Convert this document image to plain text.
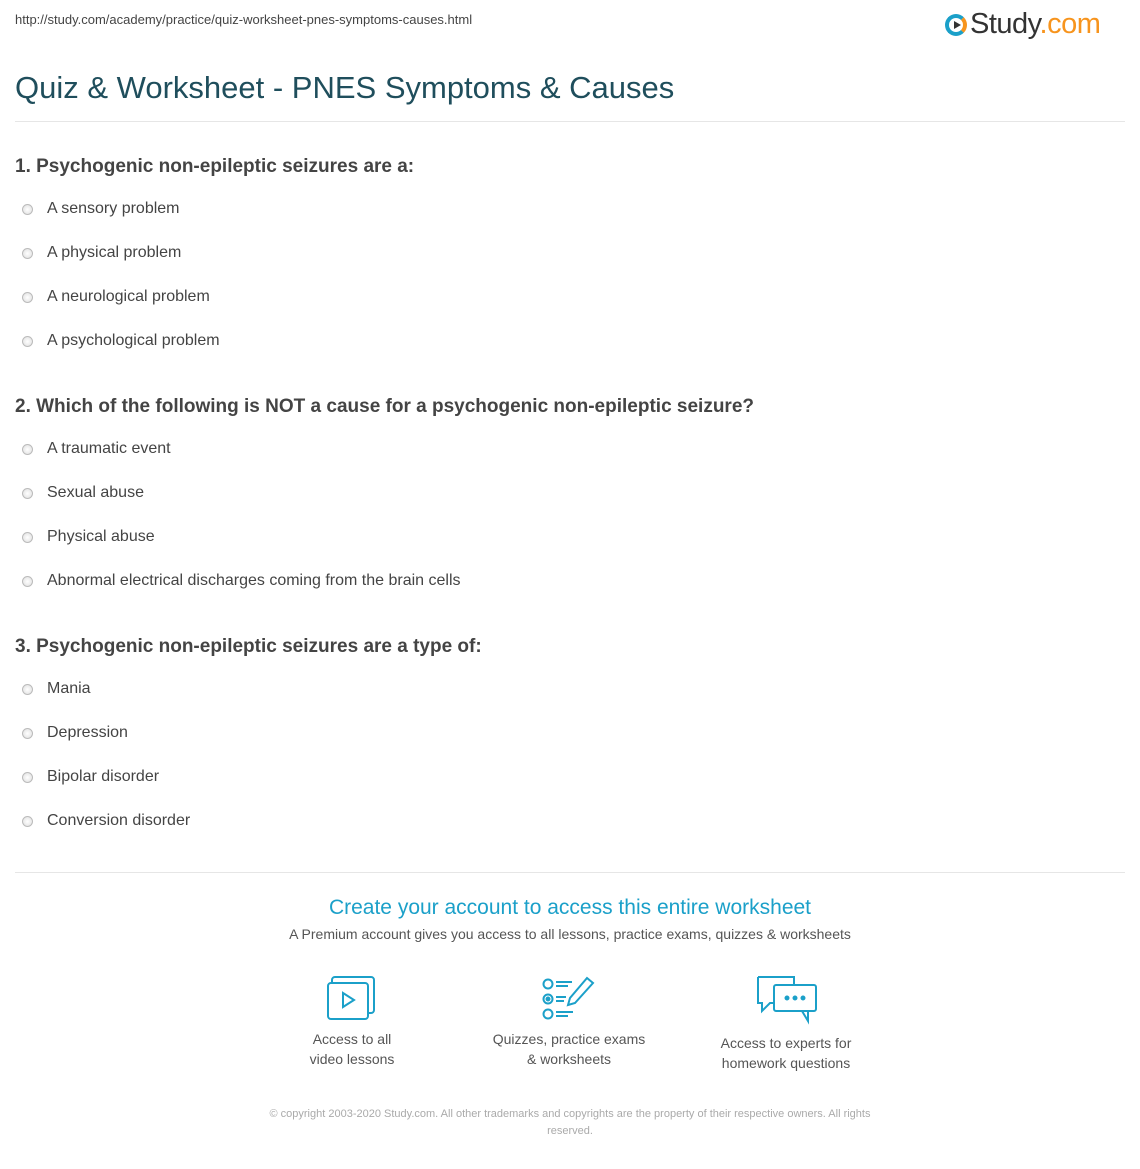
http://study.com/academy/practice/quiz-worksheet-pnes-symptoms-causes.html	Study.com
Quiz & Worksheet - PNES Symptoms & Causes
1. Psychogenic non-epileptic seizures are a:
A sensory problem
A physical problem
A neurological problem
A psychological problem
2. Which of the following is NOT a cause for a psychogenic non-epileptic seizure?
A traumatic event
Sexual abuse
Physical abuse
Abnormal electrical discharges coming from the brain cells
3. Psychogenic non-epileptic seizures are a type of:
Mania
Depression
Bipolar disorder
Conversion disorder
Create your account to access this entire worksheet
A Premium account gives you access to all lessons, practice exams, quizzes & worksheets
Access to all
video lessons
Quizzes, practice exams
& worksheets
Access to experts for
homework questions
© copyright 2003-2020 Study.com. All other trademarks and copyrights are the property of their respective owners. All rights
reserved.
